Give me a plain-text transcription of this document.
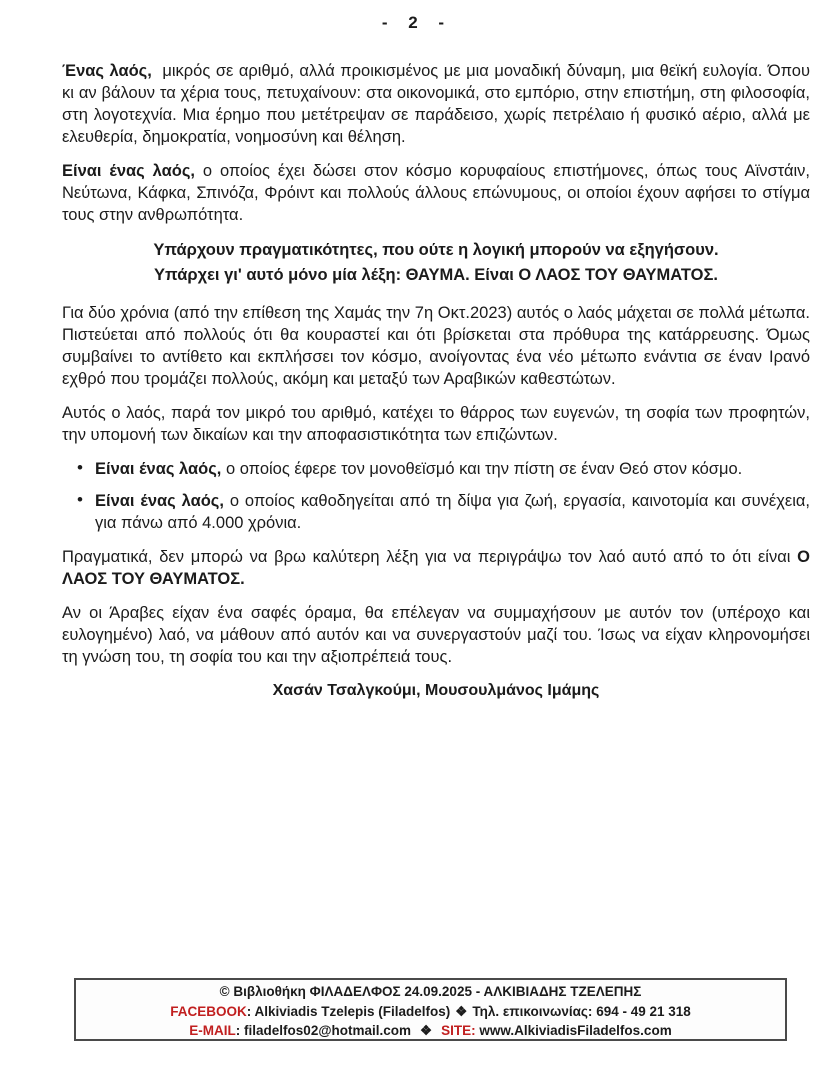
- 2 -

Ένας λαός, μικρός σε αριθμό, αλλά προικισμένος με μια μοναδική δύναμη, μια θεϊκή ευλογία. Όπου κι αν βάλουν τα χέρια τους, πετυχαίνουν: στα οικονομικά, στο εμπόριο, στην επιστήμη, στη φιλοσοφία, στη λογοτεχνία. Μια έρημο που μετέτρεψαν σε παράδεισο, χωρίς πετρέλαιο ή φυσικό αέριο, αλλά με ελευθερία, δημοκρατία, νοημοσύνη και θέληση.

Είναι ένας λαός, ο οποίος έχει δώσει στον κόσμο κορυφαίους επιστήμονες, όπως τους Αϊνστάιν, Νεύτωνα, Κάφκα, Σπινόζα, Φρόιντ και πολλούς άλλους επώνυμους, οι οποίοι έχουν αφήσει το στίγμα τους στην ανθρωπότητα.

Υπάρχουν πραγματικότητες, που ούτε η λογική μπορούν να εξηγήσουν.
Υπάρχει γι' αυτό μόνο μία λέξη: ΘΑΥΜΑ. Είναι Ο ΛΑΟΣ ΤΟΥ ΘΑΥΜΑΤΟΣ.

Για δύο χρόνια (από την επίθεση της Χαμάς την 7η Οκτ.2023) αυτός ο λαός μάχεται σε πολλά μέτωπα. Πιστεύεται από πολλούς ότι θα κουραστεί και ότι βρίσκεται στα πρόθυρα της κατάρρευσης. Όμως συμβαίνει το αντίθετο και εκπλήσσει τον κόσμο, ανοίγοντας ένα νέο μέτωπο ενάντια σε έναν Ιρανό εχθρό που τρομάζει πολλούς, ακόμη και μεταξύ των Αραβικών καθεστώτων.

Αυτός ο λαός, παρά τον μικρό του αριθμό, κατέχει το θάρρος των ευγενών, τη σοφία των προφητών, την υπομονή των δικαίων και την αποφασιστικότητα των επιζώντων.

• Είναι ένας λαός, ο οποίος έφερε τον μονοθεϊσμό και την πίστη σε έναν Θεό στον κόσμο.
• Είναι ένας λαός, ο οποίος καθοδηγείται από τη δίψα για ζωή, εργασία, καινοτομία και συνέχεια, για πάνω από 4.000 χρόνια.

Πραγματικά, δεν μπορώ να βρω καλύτερη λέξη για να περιγράψω τον λαό αυτό από το ότι είναι Ο ΛΑΟΣ ΤΟΥ ΘΑΥΜΑΤΟΣ.

Αν οι Άραβες είχαν ένα σαφές όραμα, θα επέλεγαν να συμμαχήσουν με αυτόν τον (υπέροχο και ευλογημένο) λαό, να μάθουν από αυτόν και να συνεργαστούν μαζί του. Ίσως να είχαν κληρονομήσει τη γνώση του, τη σοφία του και την αξιοπρέπειά τους.

Χασάν Τσαλγκούμι, Μουσουλμάνος Ιμάμης
© Βιβλιοθήκη ΦΙΛΑΔΕΛΦΟΣ 24.09.2025 - ΑΛΚΙΒΙΑΔΗΣ ΤΖΕΛΕΠΗΣ
FACEBOOK: Alkiviadis Tzelepis (Filadelfos) ❖ Τηλ. επικοινωνίας: 694 - 49 21 318
E-MAIL: filadelfos02@hotmail.com ❖ SITE: www.AlkiviadisFiladelfos.com
